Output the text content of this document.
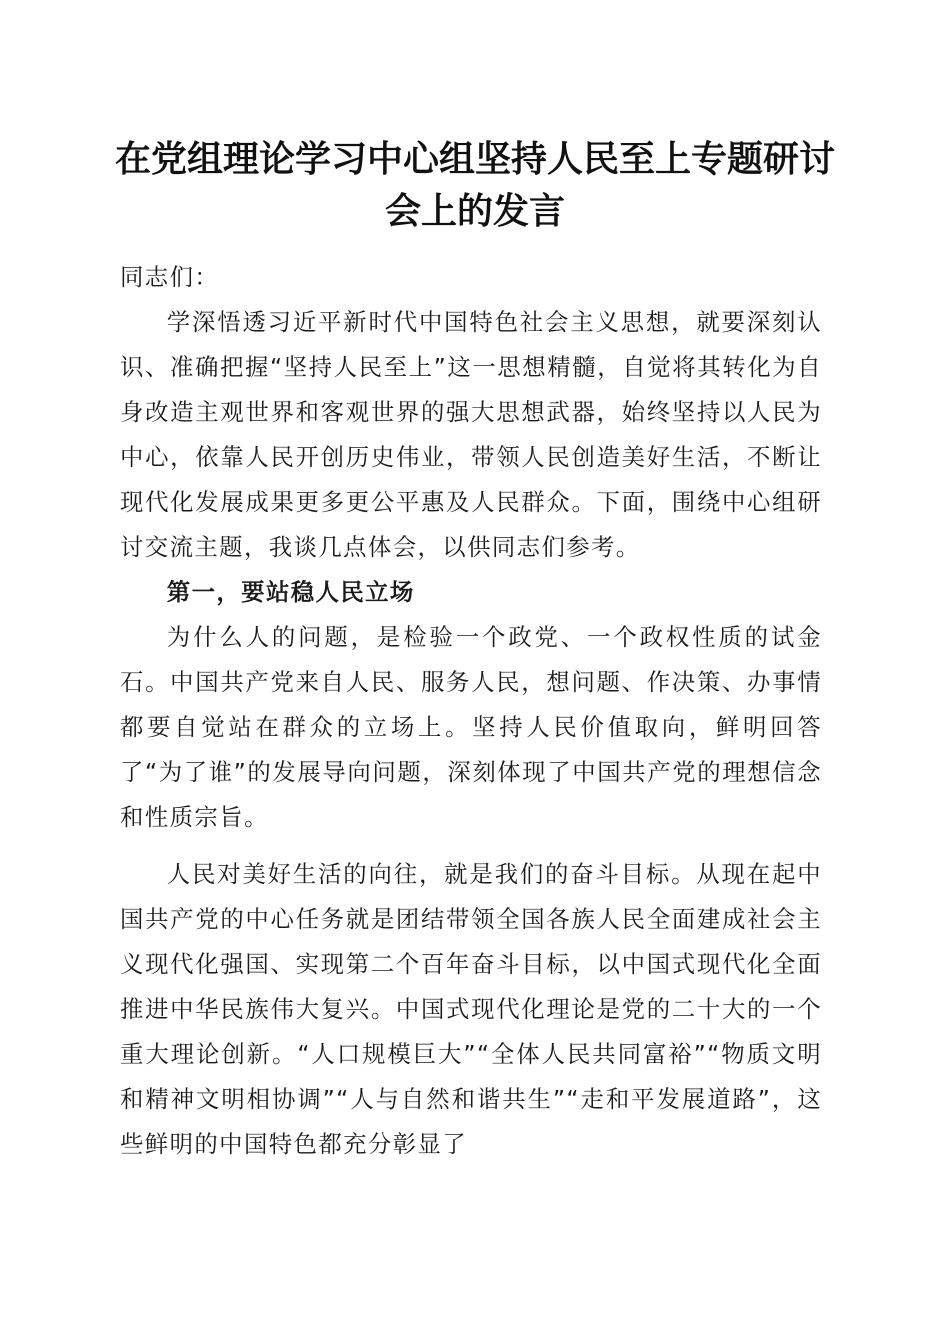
在党组理论学习中心组坚持人民至上专题研讨会上的发言

同志们：

学深悟透习近平新时代中国特色社会主义思想，就要深刻认识、准确把握“坚持人民至上”这一思想精髓，自觉将其转化为自身改造主观世界和客观世界的强大思想武器，始终坚持以人民为中心，依靠人民开创历史伟业，带领人民创造美好生活，不断让现代化发展成果更多更公平惠及人民群众。下面，围绕中心组研讨交流主题，我谈几点体会，以供同志们参考。

第一，要站稳人民立场

为什么人的问题，是检验一个政党、一个政权性质的试金石。中国共产党来自人民、服务人民，想问题、作决策、办事情都要自觉站在群众的立场上。坚持人民价值取向，鲜明回答了“为了谁”的发展导向问题，深刻体现了中国共产党的理想信念和性质宗旨。

人民对美好生活的向往，就是我们的奋斗目标。从现在起中国共产党的中心任务就是团结带领全国各族人民全面建成社会主义现代化强国、实现第二个百年奋斗目标，以中国式现代化全面推进中华民族伟大复兴。中国式现代化理论是党的二十大的一个重大理论创新。“人口规模巨大”“全体人民共同富裕”“物质文明和精神文明相协调”“人与自然和谐共生”“走和平发展道路”，这些鲜明的中国特色都充分彰显了
